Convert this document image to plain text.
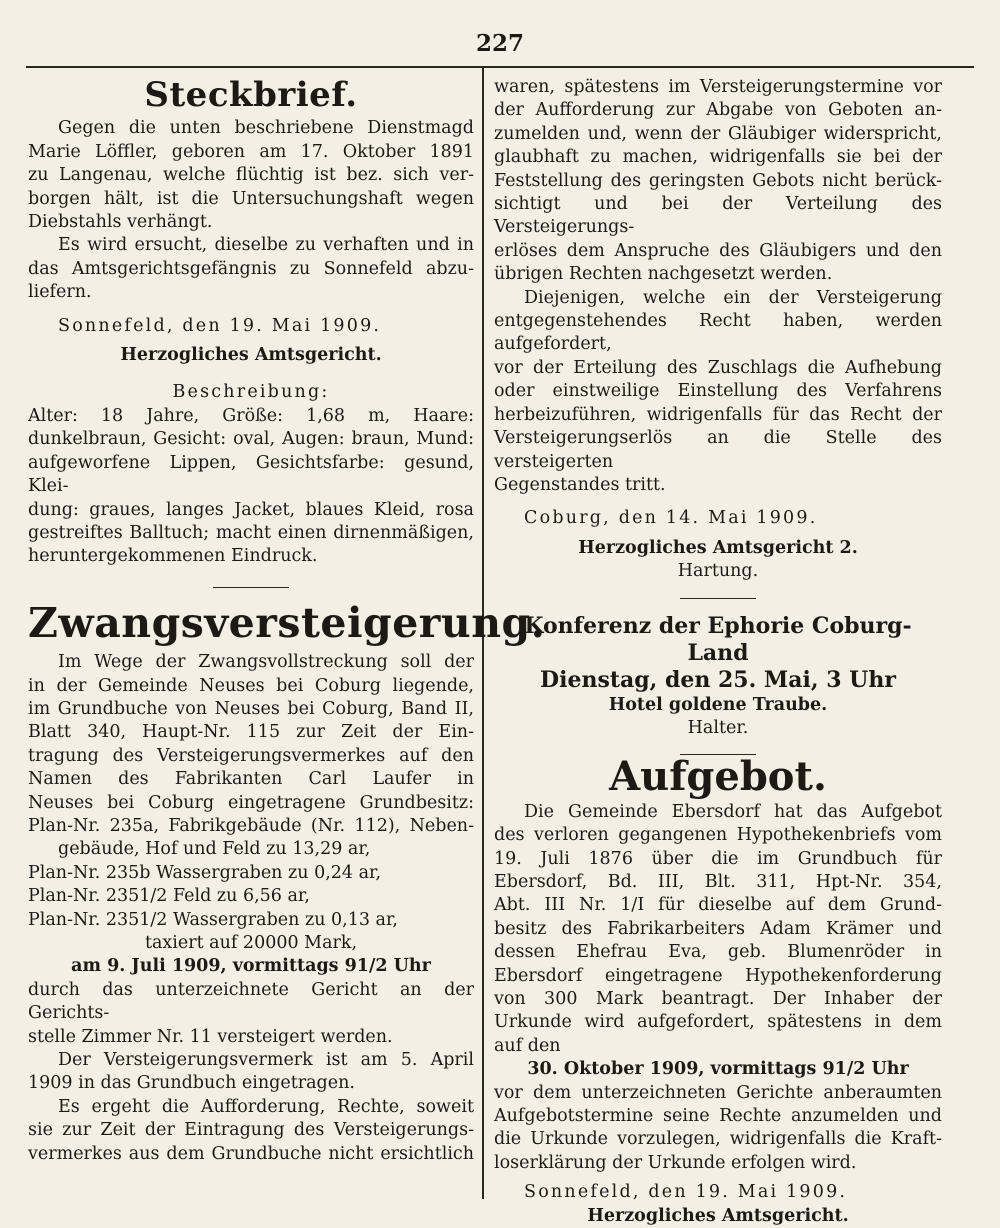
227
Steckbrief.

Gegen die unten beschriebene Dienstmagd

Marie Löffler, geboren am 17. Oktober 1891

zu Langenau, welche flüchtig ist bez. sich ver-

borgen hält, ist die Untersuchungshaft wegen

Diebstahls verhängt.

Es wird ersucht, dieselbe zu verhaften und in

das Amtsgerichtsgefängnis zu Sonnefeld abzu-

liefern.

Sonnefeld, den 19. Mai 1909.

Herzogliches Amtsgericht.

Beschreibung:

Alter: 18 Jahre, Größe: 1,68 m, Haare:

dunkelbraun, Gesicht: oval, Augen: braun, Mund:

aufgeworfene Lippen, Gesichtsfarbe: gesund, Klei-

dung: graues, langes Jacket, blaues Kleid, rosa

gestreiftes Balltuch; macht einen dirnenmäßigen,

heruntergekommenen Eindruck.

Zwangsversteigerung.

Im Wege der Zwangsvollstreckung soll der

in der Gemeinde Neuses bei Coburg liegende,

im Grundbuche von Neuses bei Coburg, Band II,

Blatt 340, Haupt-Nr. 115 zur Zeit der Ein-

tragung des Versteigerungsvermerkes auf den

Namen des Fabrikanten Carl Laufer in

Neuses bei Coburg eingetragene Grundbesitz:

Plan-Nr. 235a, Fabrikgebäude (Nr. 112), Neben-

gebäude, Hof und Feld zu 13,29 ar,

Plan-Nr. 235b Wassergraben zu 0,24 ar,

Plan-Nr. 2351/2 Feld zu 6,56 ar,

Plan-Nr. 2351/2 Wassergraben zu 0,13 ar,

taxiert auf 20000 Mark,

am 9. Juli 1909, vormittags 91/2 Uhr

durch das unterzeichnete Gericht an der Gerichts-

stelle Zimmer Nr. 11 versteigert werden.

Der Versteigerungsvermerk ist am 5. April

1909 in das Grundbuch eingetragen.

Es ergeht die Aufforderung, Rechte, soweit

sie zur Zeit der Eintragung des Versteigerungs-

vermerkes aus dem Grundbuche nicht ersichtlich

waren, spätestens im Versteigerungstermine vor

der Aufforderung zur Abgabe von Geboten an-

zumelden und, wenn der Gläubiger widerspricht,

glaubhaft zu machen, widrigenfalls sie bei der

Feststellung des geringsten Gebots nicht berück-

sichtigt und bei der Verteilung des Versteigerungs-

erlöses dem Anspruche des Gläubigers und den

übrigen Rechten nachgesetzt werden.

Diejenigen, welche ein der Versteigerung

entgegenstehendes Recht haben, werden aufgefordert,

vor der Erteilung des Zuschlags die Aufhebung

oder einstweilige Einstellung des Verfahrens

herbeizuführen, widrigenfalls für das Recht der

Versteigerungserlös an die Stelle des versteigerten

Gegenstandes tritt.

Coburg, den 14. Mai 1909.

Herzogliches Amtsgericht 2.

Hartung.

Konferenz der Ephorie Coburg-Land
Dienstag, den 25. Mai, 3 Uhr

Hotel goldene Traube.

Halter.

Aufgebot.

Die Gemeinde Ebersdorf hat das Aufgebot

des verloren gegangenen Hypothekenbriefs vom

19. Juli 1876 über die im Grundbuch für

Ebersdorf, Bd. III, Blt. 311, Hpt-Nr. 354,

Abt. III Nr. 1/I für dieselbe auf dem Grund-

besitz des Fabrikarbeiters Adam Krämer und

dessen Ehefrau Eva, geb. Blumenröder in

Ebersdorf eingetragene Hypothekenforderung

von 300 Mark beantragt. Der Inhaber der

Urkunde wird aufgefordert, spätestens in dem

auf den

30. Oktober 1909, vormittags 91/2 Uhr

vor dem unterzeichneten Gerichte anberaumten

Aufgebotstermine seine Rechte anzumelden und

die Urkunde vorzulegen, widrigenfalls die Kraft-

loserklärung der Urkunde erfolgen wird.

Sonnefeld, den 19. Mai 1909.

Herzogliches Amtsgericht.
